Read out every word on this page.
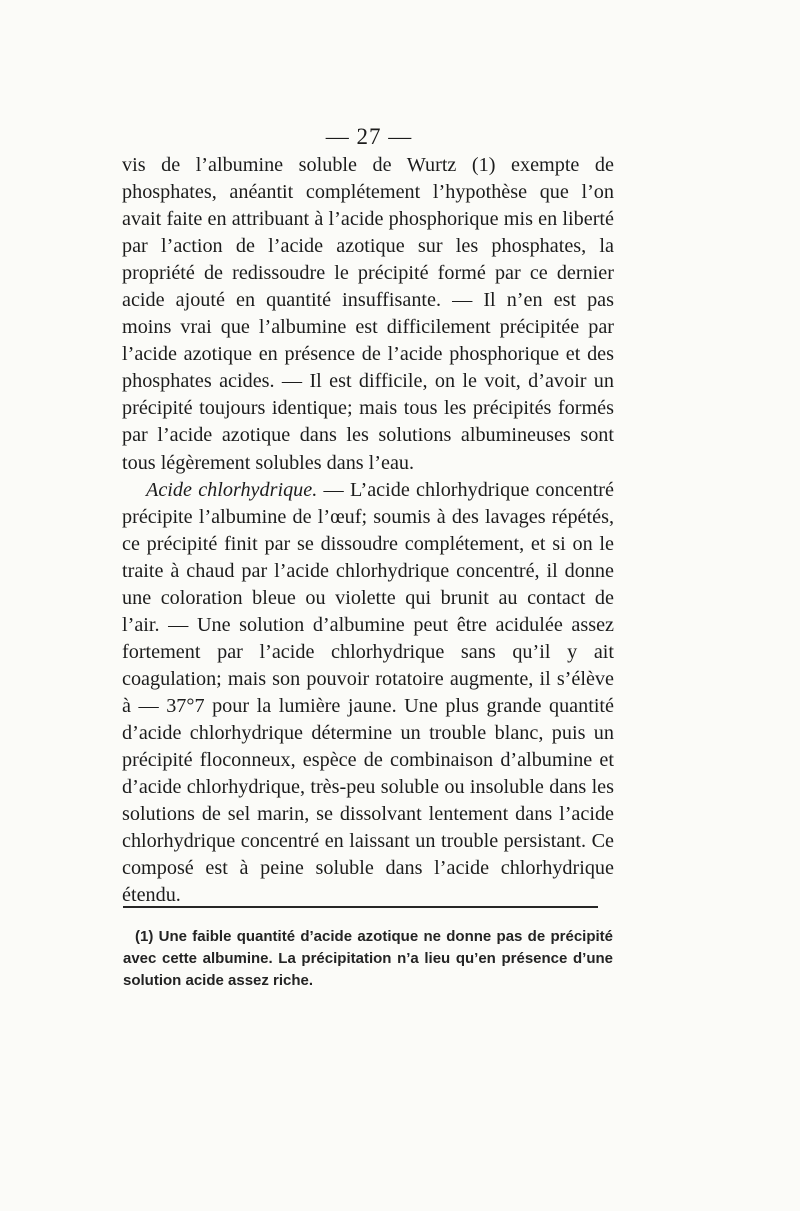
— 27 —

vis de l’albumine soluble de Wurtz (1) exempte de phosphates, anéantit complétement l’hypothèse que l’on avait faite en attribuant à l’acide phosphorique mis en liberté par l’action de l’acide azotique sur les phosphates, la propriété de redissoudre le précipité formé par ce dernier acide ajouté en quantité insuffisante. — Il n’en est pas moins vrai que l’albumine est difficilement précipitée par l’acide azotique en présence de l’acide phosphorique et des phosphates acides. — Il est difficile, on le voit, d’avoir un précipité toujours identique; mais tous les précipités formés par l’acide azotique dans les solutions albumineuses sont tous légèrement solubles dans l’eau.

Acide chlorhydrique. — L’acide chlorhydrique concentré précipite l’albumine de l’œuf; soumis à des lavages répétés, ce précipité finit par se dissoudre complétement, et si on le traite à chaud par l’acide chlorhydrique concentré, il donne une coloration bleue ou violette qui brunit au contact de l’air. — Une solution d’albumine peut être acidulée assez fortement par l’acide chlorhydrique sans qu’il y ait coagulation; mais son pouvoir rotatoire augmente, il s’élève à — 37°7 pour la lumière jaune. Une plus grande quantité d’acide chlorhydrique détermine un trouble blanc, puis un précipité floconneux, espèce de combinaison d’albumine et d’acide chlorhydrique, très-peu soluble ou insoluble dans les solutions de sel marin, se dissolvant lentement dans l’acide chlorhydrique concentré en laissant un trouble persistant. Ce composé est à peine soluble dans l’acide chlorhydrique étendu.

(1) Une faible quantité d’acide azotique ne donne pas de précipité avec cette albumine. La précipitation n’a lieu qu’en présence d’une solution acide assez riche.
